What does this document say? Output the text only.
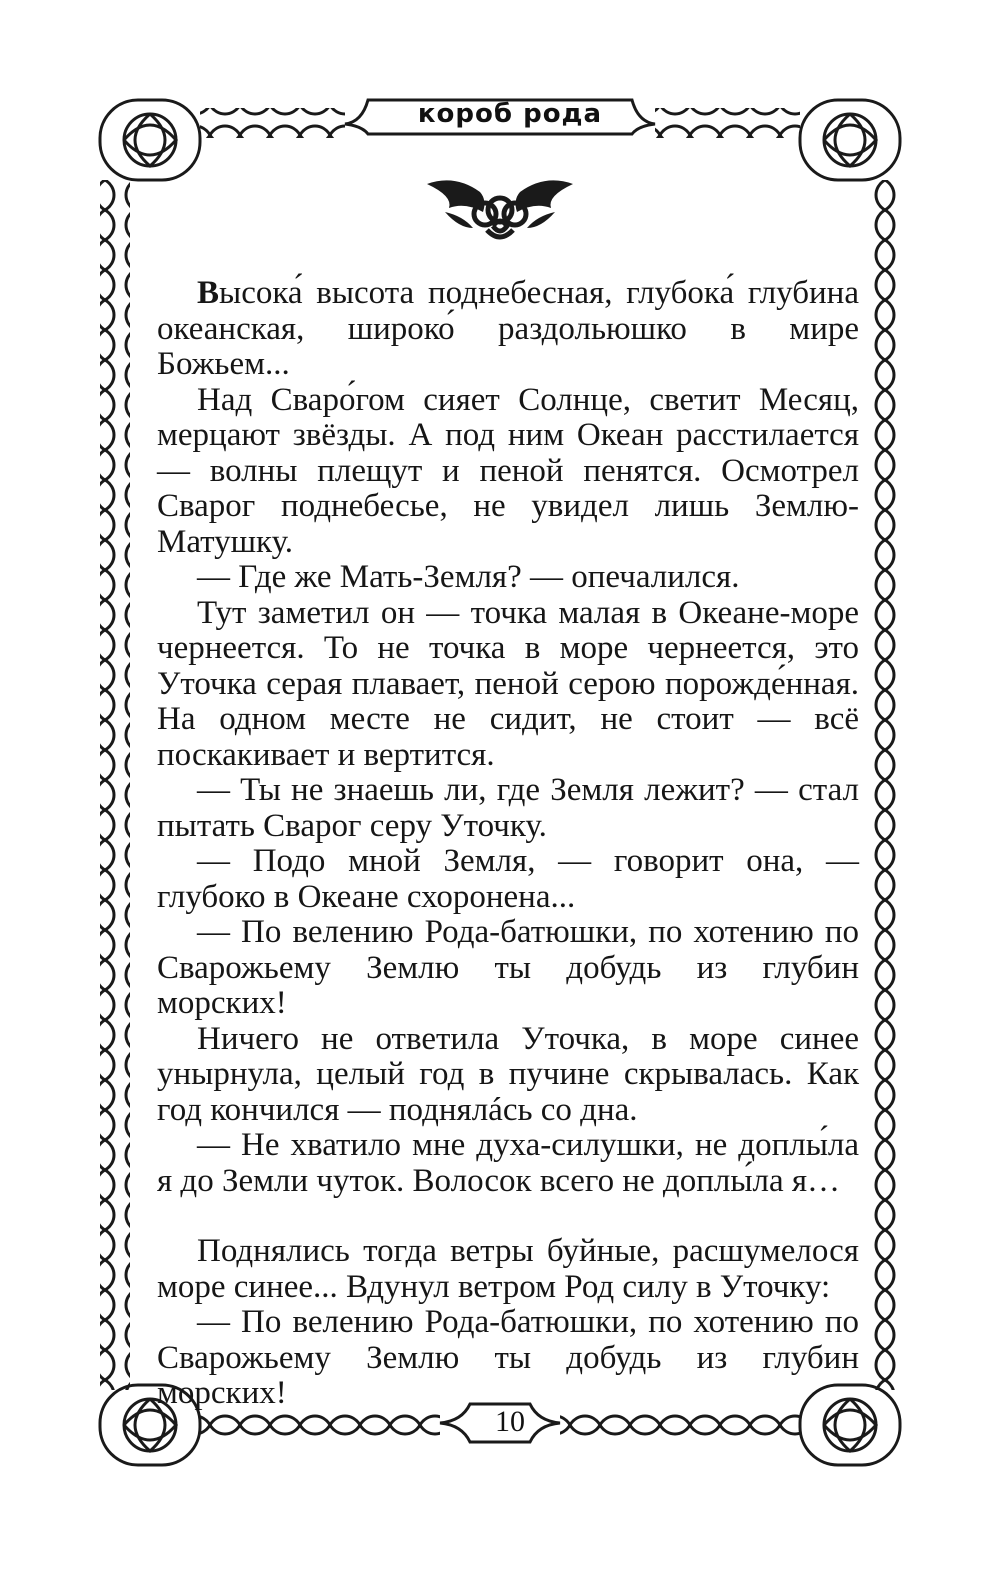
короб рода

Высока́ высота поднебесная, глубока́ глубина океанская, широко́ раздольюшко в мире Божьем...

Над Сваро́гом сияет Солнце, светит Месяц, мерцают звёзды. А под ним Океан расстилается — волны плещут и пеной пенятся. Осмотрел Сварог поднебесье, не увидел лишь Землю-Матушку.

— Где же Мать-Земля? — опечалился.

Тут заметил он — точка малая в Океане-море чернеется. То не точка в море чернеется, это Уточка серая плавает, пеной серою порожде́нная. На одном месте не сидит, не стоит — всё поскакивает и вертится.

— Ты не знаешь ли, где Земля лежит? — стал пытать Сварог серу Уточку.

— Подо мной Земля, — говорит она, — глубоко в Океане схоронена...

— По велению Рода-батюшки, по хотению по Сварожьему Землю ты добудь из глубин морских!

Ничего не ответила Уточка, в море синее унырнула, целый год в пучине скрывалась. Как год кончился — поднялáсь со дна.

— Не хватило мне духа-силушки, не доплы́ла я до Земли чуток. Волосок всего не доплы́ла я…

Поднялись тогда ветры буйные, расшумелося море синее... Вдунул ветром Род силу в Уточку:

— По велению Рода-батюшки, по хотению по Сварожьему Землю ты добудь из глубин морских!

10
